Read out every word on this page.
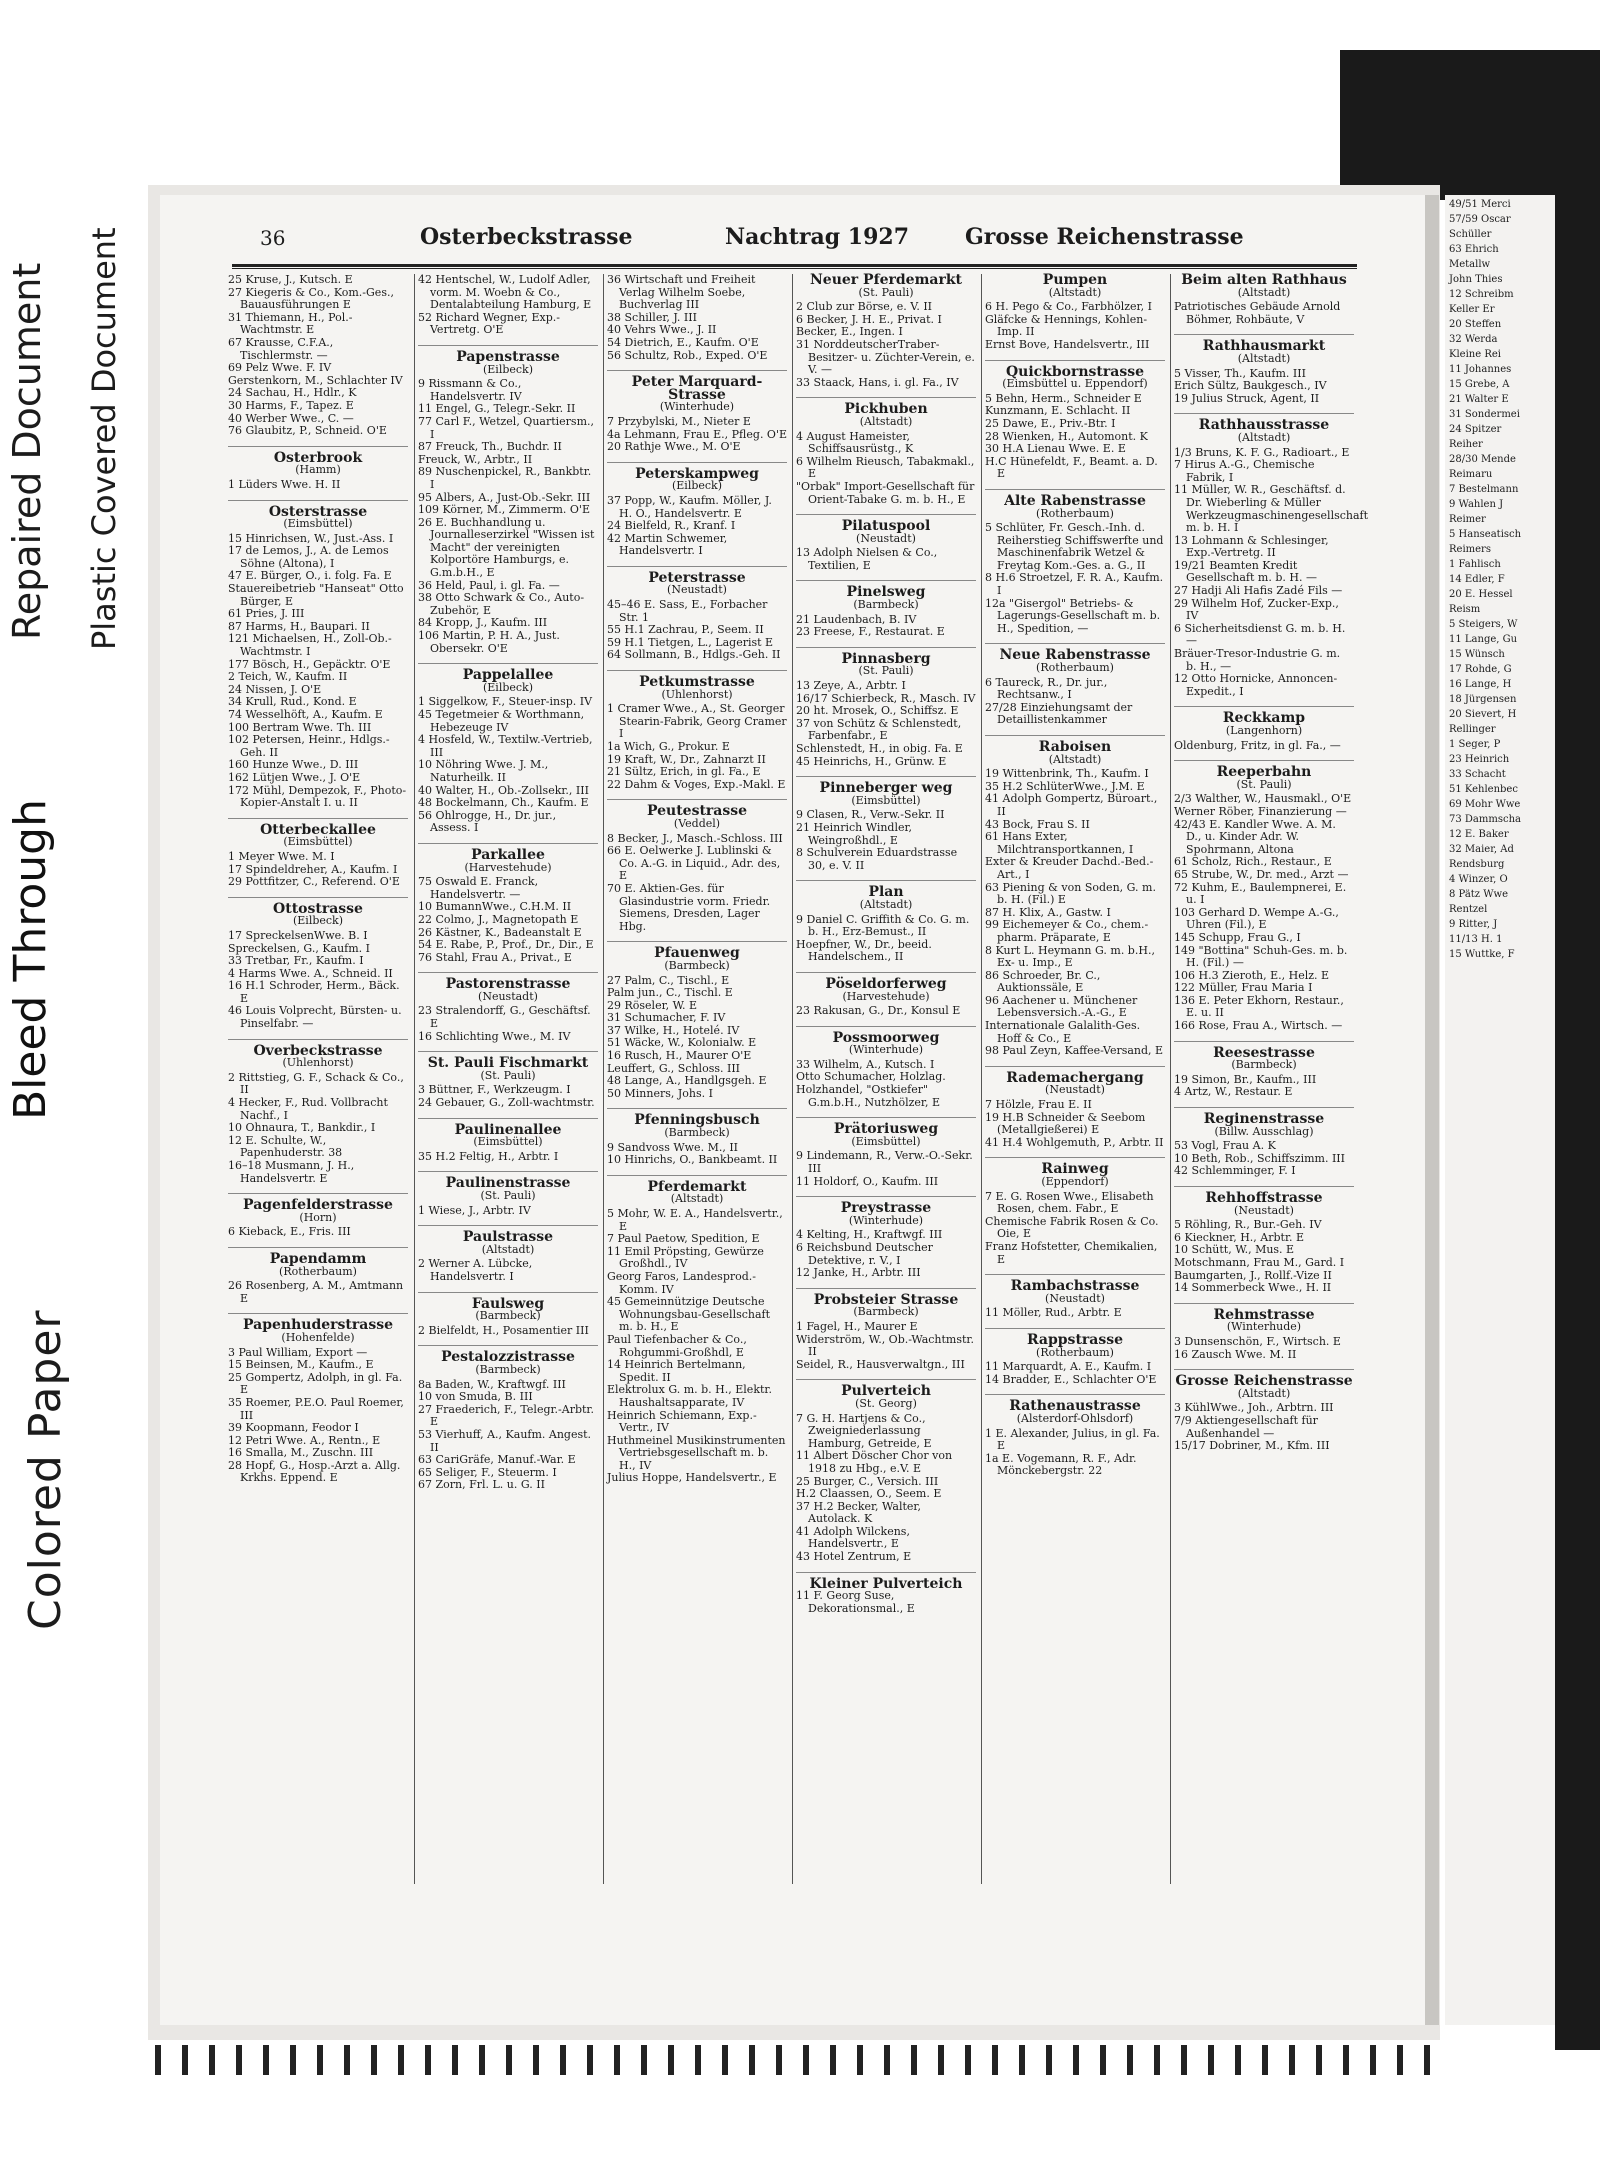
Colored Paper
Bleed Through
Repaired Document Plastic Covered Document
49/51 Merci
57/59 Oscar
Schüller
63 Ehrich
Metallw
John Thies
12 Schreibm
Keller Er
20 Steffen
32 Werda
Kleine Rei
11 Johannes
15 Grebe, A
21 Walter E
31 Sondermei
24 Spitzer
Reiher
28/30 Mende
Reimaru
7 Bestelmann
9 Wahlen J
Reimer
5 Hanseatisch
Reimers
1 Fahlisch
14 Edler, F
20 E. Hessel
Reism
5 Steigers, W
11 Lange, Gu
15 Wünsch
17 Rohde, G
16 Lange, H
18 Jürgensen
20 Sievert, H
Rellinger
1 Seger, P
23 Heinrich
33 Schacht
51 Kehlenbec
69 Mohr Wwe
73 Dammscha
12 E. Baker
32 Maier, Ad
Rendsburg
4 Winzer, O
8 Pätz Wwe
Rentzel
9 Ritter, J
11/13 H. 1
15 Wuttke, F
36	Osterbeckstrasse	Nachtrag 1927	Grosse Reichenstrasse
25 Kruse, J., Kutsch. E
27 Kiegeris & Co., Kom.-Ges., Bauausführungen E
31 Thiemann, H., Pol.-Wachtmstr. E
67 Krausse, C.F.A., Tischlermstr. —
69 Pelz Wwe. F. IV
Gerstenkorn, M., Schlachter IV
24 Sachau, H., Hdlr., K
30 Harms, F., Tapez. E
40 Werber Wwe., C. —
76 Glaubitz, P., Schneid. O'E
Osterbrook
(Hamm)
1 Lüders Wwe. H. II
Osterstrasse
(Eimsbüttel)
15 Hinrichsen, W., Just.-Ass. I
17 de Lemos, J., A. de Lemos Söhne (Altona), I
47 E. Bürger, O., i. folg. Fa. E
Stauereibetrieb "Hanseat" Otto Bürger, E
61 Pries, J. III
87 Harms, H., Baupari. II
121 Michaelsen, H., Zoll-Ob.-Wachtmstr. I
177 Bösch, H., Gepäcktr. O'E
2 Teich, W., Kaufm. II
24 Nissen, J. O'E
34 Krull, Rud., Kond. E
74 Wesselhöft, A., Kaufm. E
100 Bertram Wwe. Th. III
102 Petersen, Heinr., Hdlgs.-Geh. II
160 Hunze Wwe., D. III
162 Lütjen Wwe., J. O'E
172 Mühl, Dempezok, F., Photo-Kopier-Anstalt I. u. II
Otterbeckallee
(Eimsbüttel)
1 Meyer Wwe. M. I
17 Spindeldreher, A., Kaufm. I
29 Pottfitzer, C., Referend. O'E
Ottostrasse
(Eilbeck)
17 SpreckelsenWwe. B. I
Spreckelsen, G., Kaufm. I
33 Tretbar, Fr., Kaufm. I
4 Harms Wwe. A., Schneid. II
16 H.1 Schroder, Herm., Bäck. E
46 Louis Volprecht, Bürsten- u. Pinselfabr. —
Overbeckstrasse
(Uhlenhorst)
2 Rittstieg, G. F., Schack & Co., II
4 Hecker, F., Rud. Vollbracht Nachf., I
10 Ohnaura, T., Bankdir., I
12 E. Schulte, W., Papenhuderstr. 38
16–18 Musmann, J. H., Handelsvertr. E
Pagenfelderstrasse
(Horn)
6 Kieback, E., Fris. III
Papendamm
(Rotherbaum)
26 Rosenberg, A. M., Amtmann E
Papenhuderstrasse
(Hohenfelde)
3 Paul William, Export —
15 Beinsen, M., Kaufm., E
25 Gompertz, Adolph, in gl. Fa. E
35 Roemer, P.E.O. Paul Roemer, III
39 Koopmann, Feodor I
12 Petri Wwe. A., Rentn., E
16 Smalla, M., Zuschn. III
28 Hopf, G., Hosp.-Arzt a. Allg. Krkhs. Eppend. E
42 Hentschel, W., Ludolf Adler, vorm. M. Woebn & Co., Dentalabteilung Hamburg, E
52 Richard Wegner, Exp.-Vertretg. O'E
Papenstrasse
(Eilbeck)
9 Rissmann & Co., Handelsvertr. IV
11 Engel, G., Telegr.-Sekr. II
77 Carl F., Wetzel, Quartiersm., I
87 Freuck, Th., Buchdr. II
Freuck, W., Arbtr., II
89 Nuschenpickel, R., Bankbtr. I
95 Albers, A., Just-Ob.-Sekr. III
109 Körner, M., Zimmerm. O'E
26 E. Buchhandlung u. Journalleserzirkel "Wissen ist Macht" der vereinigten Kolportöre Hamburgs, e. G.m.b.H., E
36 Held, Paul, i. gl. Fa. —
38 Otto Schwark & Co., Auto-Zubehör, E
84 Kropp, J., Kaufm. III
106 Martin, P. H. A., Just. Obersekr. O'E
Pappelallee
(Eilbeck)
1 Siggelkow, F., Steuer-insp. IV
45 Tegetmeier & Worthmann, Hebezeuge IV
4 Hosfeld, W., Textilw.-Vertrieb, III
10 Nöhring Wwe. J. M., Naturheilk. II
40 Walter, H., Ob.-Zollsekr., III
48 Bockelmann, Ch., Kaufm. E
56 Ohlrogge, H., Dr. jur., Assess. I
Parkallee
(Harvestehude)
75 Oswald E. Franck, Handelsvertr. —
10 BumannWwe., C.H.M. II
22 Colmo, J., Magnetopath E
26 Kästner, K., Badeanstalt E
54 E. Rabe, P., Prof., Dr., Dir., E
76 Stahl, Frau A., Privat., E
Pastorenstrasse
(Neustadt)
23 Stralendorff, G., Geschäftsf. E
16 Schlichting Wwe., M. IV
St. Pauli Fischmarkt
(St. Pauli)
3 Büttner, F., Werkzeugm. I
24 Gebauer, G., Zoll-wachtmstr.
Paulinenallee
(Eimsbüttel)
35 H.2 Feltig, H., Arbtr. I
Paulinenstrasse
(St. Pauli)
1 Wiese, J., Arbtr. IV
Paulstrasse
(Altstadt)
2 Werner A. Lübcke, Handelsvertr. I
Faulsweg
(Barmbeck)
2 Bielfeldt, H., Posamentier III
Pestalozzistrasse
(Barmbeck)
8a Baden, W., Kraftwgf. III
10 von Smuda, B. III
27 Fraederich, F., Telegr.-Arbtr. E
53 Vierhuff, A., Kaufm. Angest. II
63 CariGräfe, Manuf.-War. E
65 Seliger, F., Steuerm. I
67 Zorn, Frl. L. u. G. II
36 Wirtschaft und Freiheit Verlag Wilhelm Soebe, Buchverlag III
38 Schiller, J. III
40 Vehrs Wwe., J. II
54 Dietrich, E., Kaufm. O'E
56 Schultz, Rob., Exped. O'E
Peter Marquard-Strasse
(Winterhude)
7 Przybylski, M., Nieter E
4a Lehmann, Frau E., Pfleg. O'E
20 Rathje Wwe., M. O'E
Peterskampweg
(Eilbeck)
37 Popp, W., Kaufm. Möller, J. H. O., Handelsvertr. E
24 Bielfeld, R., Kranf. I
42 Martin Schwemer, Handelsvertr. I
Peterstrasse
(Neustadt)
45–46 E. Sass, E., Forbacher Str. 1
55 H.1 Zachrau, P., Seem. II
59 H.1 Tietgen, L., Lagerist E
64 Sollmann, B., Hdlgs.-Geh. II
Petkumstrasse
(Uhlenhorst)
1 Cramer Wwe., A., St. Georger Stearin-Fabrik, Georg Cramer I
1a Wich, G., Prokur. E
19 Kraft, W., Dr., Zahnarzt II
21 Sültz, Erich, in gl. Fa., E
22 Dahm & Voges, Exp.-Makl. E
Peutestrasse
(Veddel)
8 Becker, J., Masch.-Schloss. III
66 E. Oelwerke J. Lublinski & Co. A.-G. in Liquid., Adr. des, E
70 E. Aktien-Ges. für Glasindustrie vorm. Friedr. Siemens, Dresden, Lager Hbg.
Pfauenweg
(Barmbeck)
27 Palm, C., Tischl., E
Palm jun., C., Tischl. E
29 Röseler, W. E
31 Schumacher, F. IV
37 Wilke, H., Hotelé. IV
51 Wäcke, W., Kolonialw. E
16 Rusch, H., Maurer O'E
Leuffert, G., Schloss. III
48 Lange, A., Handlgsgeh. E
50 Minners, Johs. I
Pfenningsbusch
(Barmbeck)
9 Sandvoss Wwe. M., II
10 Hinrichs, O., Bankbeamt. II
Pferdemarkt
(Altstadt)
5 Mohr, W. E. A., Handelsvertr., E
7 Paul Paetow, Spedition, E
11 Emil Pröpsting, Gewürze Großhdl., IV
Georg Faros, Landesprod.-Komm. IV
45 Gemeinnützige Deutsche Wohnungsbau-Gesellschaft m. b. H., E
Paul Tiefenbacher & Co., Rohgummi-Großhdl, E
14 Heinrich Bertelmann, Spedit. II
Elektrolux G. m. b. H., Elektr. Haushaltsapparate, IV
Heinrich Schiemann, Exp.-Vertr., IV
Huthmeinel Musikinstrumenten Vertriebsgesellschaft m. b. H., IV
Julius Hoppe, Handelsvertr., E
Neuer Pferdemarkt
(St. Pauli)
2 Club zur Börse, e. V. II
6 Becker, J. H. E., Privat. I
Becker, E., Ingen. I
31 NorddeutscherTraber-Besitzer- u. Züchter-Verein, e. V. —
33 Staack, Hans, i. gl. Fa., IV
Pickhuben
(Altstadt)
4 August Hameister, Schiffsausrüstg., K
6 Wilhelm Rieusch, Tabakmakl., E
"Orbak" Import-Gesellschaft für Orient-Tabake G. m. b. H., E
Pilatuspool
(Neustadt)
13 Adolph Nielsen & Co., Textilien, E
Pinelsweg
(Barmbeck)
21 Laudenbach, B. IV
23 Freese, F., Restaurat. E
Pinnasberg
(St. Pauli)
13 Zeye, A., Arbtr. I
16/17 Schierbeck, R., Masch. IV
20 ht. Mrosek, O., Schiffsz. E
37 von Schütz & Schlenstedt, Farbenfabr., E
Schlenstedt, H., in obig. Fa. E
45 Heinrichs, H., Grünw. E
Pinneberger weg
(Eimsbüttel)
9 Clasen, R., Verw.-Sekr. II
21 Heinrich Windler, Weingroßhdl., E
8 Schulverein Eduardstrasse 30, e. V. II
Plan
(Altstadt)
9 Daniel C. Griffith & Co. G. m. b. H., Erz-Bemust., II
Hoepfner, W., Dr., beeid. Handelschem., II
Pöseldorferweg
(Harvestehude)
23 Rakusan, G., Dr., Konsul E
Possmoorweg
(Winterhude)
33 Wilhelm, A., Kutsch. I
Otto Schumacher, Holzlag.
Holzhandel, "Ostkiefer" G.m.b.H., Nutzhölzer, E
Prätoriusweg
(Eimsbüttel)
9 Lindemann, R., Verw.-O.-Sekr. III
11 Holdorf, O., Kaufm. III
Preystrasse
(Winterhude)
4 Kelting, H., Kraftwgf. III
6 Reichsbund Deutscher Detektive, r. V., I
12 Janke, H., Arbtr. III
Probsteier Strasse
(Barmbeck)
1 Fagel, H., Maurer E
Widerström, W., Ob.-Wachtmstr. II
Seidel, R., Hausverwaltgn., III
Pulverteich
(St. Georg)
7 G. H. Hartjens & Co., Zweigniederlassung Hamburg, Getreide, E
11 Albert Döscher Chor von 1918 zu Hbg., e.V. E
25 Burger, C., Versich. III
H.2 Claassen, O., Seem. E
37 H.2 Becker, Walter, Autolack. K
41 Adolph Wilckens, Handelsvertr., E
43 Hotel Zentrum, E
Kleiner Pulverteich
11 F. Georg Suse, Dekorationsmal., E
Pumpen
(Altstadt)
6 H. Pego & Co., Farbhölzer, I
Gläfcke & Hennings, Kohlen-Imp. II
Ernst Bove, Handelsvertr., III
Quickbornstrasse
(Eimsbüttel u. Eppendorf)
5 Behn, Herm., Schneider E
Kunzmann, E. Schlacht. II
25 Dawe, E., Priv.-Btr. I
28 Wienken, H., Automont. K
30 H.A Lienau Wwe. E. E
H.C Hünefeldt, F., Beamt. a. D. E
Alte Rabenstrasse
(Rotherbaum)
5 Schlüter, Fr. Gesch.-Inh. d. Reiherstieg Schiffswerfte und Maschinenfabrik Wetzel & Freytag Kom.-Ges. a. G., II
8 H.6 Stroetzel, F. R. A., Kaufm. I
12a "Gisergol" Betriebs- & Lagerungs-Gesellschaft m. b. H., Spedition, —
Neue Rabenstrasse
(Rotherbaum)
6 Taureck, R., Dr. jur., Rechtsanw., I
27/28 Einziehungsamt der Detaillistenkammer
Raboisen
(Altstadt)
19 Wittenbrink, Th., Kaufm. I
35 H.2 SchlüterWwe., J.M. E
41 Adolph Gompertz, Büroart., II
43 Bock, Frau S. II
61 Hans Exter, Milchtransportkannen, I
Exter & Kreuder Dachd.-Bed.-Art., I
63 Piening & von Soden, G. m. b. H. (Fil.) E
87 H. Klix, A., Gastw. I
99 Eichemeyer & Co., chem.-pharm. Präparate, E
8 Kurt L. Heymann G. m. b.H., Ex- u. Imp., E
86 Schroeder, Br. C., Auktionssäle, E
96 Aachener u. Münchener Lebensversich.-A.-G., E
Internationale Galalith-Ges. Hoff & Co., E
98 Paul Zeyn, Kaffee-Versand, E
Rademachergang
(Neustadt)
7 Hölzle, Frau E. II
19 H.B Schneider & Seebom (Metallgießerei) E
41 H.4 Wohlgemuth, P., Arbtr. II
Rainweg
(Eppendorf)
7 E. G. Rosen Wwe., Elisabeth Rosen, chem. Fabr., E
Chemische Fabrik Rosen & Co. Oie, E
Franz Hofstetter, Chemikalien, E
Rambachstrasse
(Neustadt)
11 Möller, Rud., Arbtr. E
Rappstrasse
(Rotherbaum)
11 Marquardt, A. E., Kaufm. I
14 Bradder, E., Schlachter O'E
Rathenaustrasse
(Alsterdorf-Ohlsdorf)
1 E. Alexander, Julius, in gl. Fa. E
1a E. Vogemann, R. F., Adr. Mönckebergstr. 22
Beim alten Rathhaus
(Altstadt)
Patriotisches Gebäude Arnold Böhmer, Rohbäute, V
Rathhausmarkt
(Altstadt)
5 Visser, Th., Kaufm. III
Erich Sültz, Baukgesch., IV
19 Julius Struck, Agent, II
Rathhausstrasse
(Altstadt)
1/3 Bruns, K. F. G., Radioart., E
7 Hirus A.-G., Chemische Fabrik, I
11 Müller, W. R., Geschäftsf. d. Dr. Wieberling & Müller Werkzeugmaschinengesellschaft m. b. H. I
13 Lohmann & Schlesinger, Exp.-Vertretg. II
19/21 Beamten Kredit Gesellschaft m. b. H. —
27 Hadji Ali Hafis Zadé Fils —
29 Wilhelm Hof, Zucker-Exp., IV
6 Sicherheitsdienst G. m. b. H. —
Bräuer-Tresor-Industrie G. m. b. H., —
12 Otto Hornicke, Annoncen-Expedit., I
Reckkamp
(Langenhorn)
Oldenburg, Fritz, in gl. Fa., —
Reeperbahn
(St. Pauli)
2/3 Walther, W., Hausmakl., O'E
Werner Röber, Finanzierung —
42/43 E. Kandler Wwe. A. M. D., u. Kinder Adr. W. Spohrmann, Altona
61 Scholz, Rich., Restaur., E
65 Strube, W., Dr. med., Arzt —
72 Kuhm, E., Baulempnerei, E. u. I
103 Gerhard D. Wempe A.-G., Uhren (Fil.), E
145 Schupp, Frau G., I
149 "Bottina" Schuh-Ges. m. b. H. (Fil.) —
106 H.3 Zieroth, E., Helz. E
122 Müller, Frau Maria I
136 E. Peter Ekhorn, Restaur., E. u. II
166 Rose, Frau A., Wirtsch. —
Reesestrasse
(Barmbeck)
19 Simon, Br., Kaufm., III
4 Artz, W., Restaur. E
Reginenstrasse
(Billw. Ausschlag)
53 Vogl, Frau A. K
10 Beth, Rob., Schiffszimm. III
42 Schlemminger, F. I
Rehhoffstrasse
(Neustadt)
5 Röhling, R., Bur.-Geh. IV
6 Kieckner, H., Arbtr. E
10 Schütt, W., Mus. E
Motschmann, Frau M., Gard. I
Baumgarten, J., Rollf.-Vize II
14 Sommerbeck Wwe., H. II
Rehmstrasse
(Winterhude)
3 Dunsenschön, F., Wirtsch. E
16 Zausch Wwe. M. II
Grosse Reichenstrasse
(Altstadt)
3 KühlWwe., Joh., Arbtrn. III
7/9 Aktiengesellschaft für Außenhandel —
15/17 Dobriner, M., Kfm. III
